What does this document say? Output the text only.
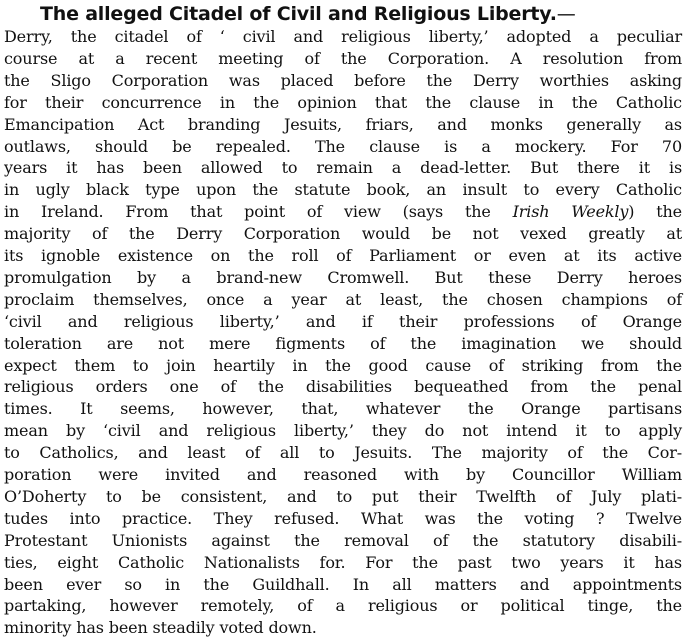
The alleged Citadel of Civil and Religious Liberty.—
Derry, the citadel of ‘ civil and religious liberty,’ adopted a peculiar
course at a recent meeting of the Corporation. A resolution from
the Sligo Corporation was placed before the Derry worthies asking
for their concurrence in the opinion that the clause in the Catholic
Emancipation Act branding Jesuits, friars, and monks generally as
outlaws, should be repealed. The clause is a mockery. For 70
years it has been allowed to remain a dead-letter. But there it is
in ugly black type upon the statute book, an insult to every Catholic
in Ireland. From that point of view (says the Irish Weekly) the
majority of the Derry Corporation would be not vexed greatly at
its ignoble existence on the roll of Parliament or even at its active
promulgation by a brand-new Cromwell. But these Derry heroes
proclaim themselves, once a year at least, the chosen champions of
‘civil and religious liberty,’ and if their professions of Orange
toleration are not mere figments of the imagination we should
expect them to join heartily in the good cause of striking from the
religious orders one of the disabilities bequeathed from the penal
times. It seems, however, that, whatever the Orange partisans
mean by ‘civil and religious liberty,’ they do not intend it to apply
to Catholics, and least of all to Jesuits. The majority of the Cor-
poration were invited and reasoned with by Councillor William
O’Doherty to be consistent, and to put their Twelfth of July plati-
tudes into practice. They refused. What was the voting ? Twelve
Protestant Unionists against the removal of the statutory disabili-
ties, eight Catholic Nationalists for. For the past two years it has
been ever so in the Guildhall. In all matters and appointments
partaking, however remotely, of a religious or political tinge, the
minority has been steadily voted down.
